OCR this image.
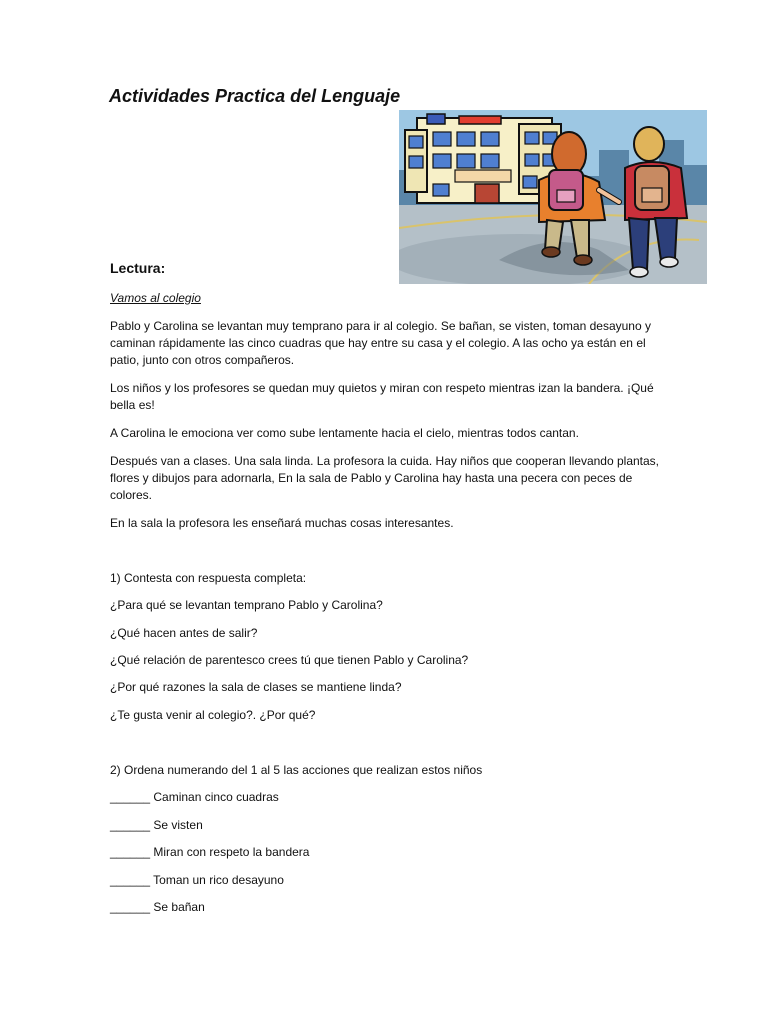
Actividades Practica del Lenguaje
Lectura:
Vamos al colegio
Pablo y Carolina se levantan muy temprano para ir al colegio. Se bañan, se visten, toman desayuno y caminan rápidamente las cinco cuadras que hay entre su casa y el colegio. A las ocho ya están en el patio, junto con otros compañeros.
Los niños y los profesores se quedan muy quietos y miran con respeto mientras izan la bandera. ¡Qué bella es!
A Carolina le emociona ver como sube lentamente hacia el cielo, mientras todos cantan.
Después van a clases. Una sala linda. La profesora la cuida. Hay niños que cooperan llevando plantas, flores y dibujos para adornarla, En la sala de Pablo y Carolina hay hasta una pecera con peces de colores.
En la sala la profesora les enseñará muchas cosas interesantes.
1) Contesta con respuesta completa:
¿Para qué se levantan temprano Pablo y Carolina?
¿Qué hacen antes de salir?
¿Qué relación de parentesco crees tú que tienen Pablo y Carolina?
¿Por qué razones la sala de clases se mantiene linda?
¿Te gusta venir al colegio?. ¿Por qué?
2) Ordena numerando del 1 al 5 las acciones que realizan estos niños
______ Caminan cinco cuadras
______ Se visten
______ Miran con respeto la bandera
______ Toman un rico desayuno
______ Se bañan
